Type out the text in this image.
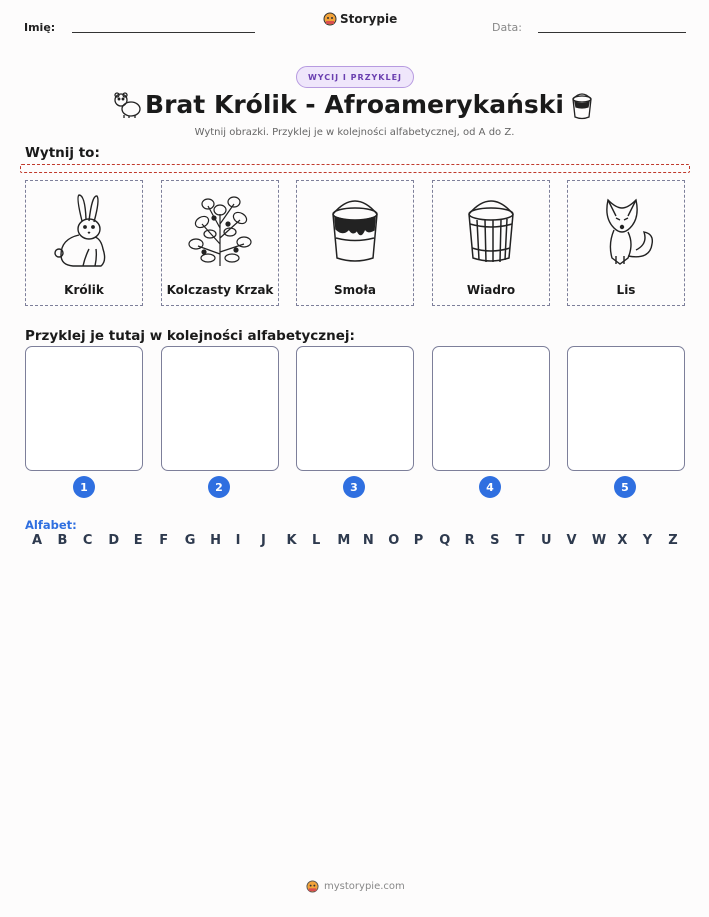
Imię:
Storypie
Data:
WYCIJ I PRZYKLEJ
Brat Królik - Afroamerykański
Wytnij obrazki. Przyklej je w kolejności alfabetycznej, od A do Z.
Wytnij to:
Królik	Kolczasty Krzak	Smoła	Wiadro	Lis
Przyklej je tutaj w kolejności alfabetycznej:
1	2	3	4	5
Alfabet:
A B C D E F G H I J K L M N O P Q R S T U V W X Y Z
mystorypie.com
